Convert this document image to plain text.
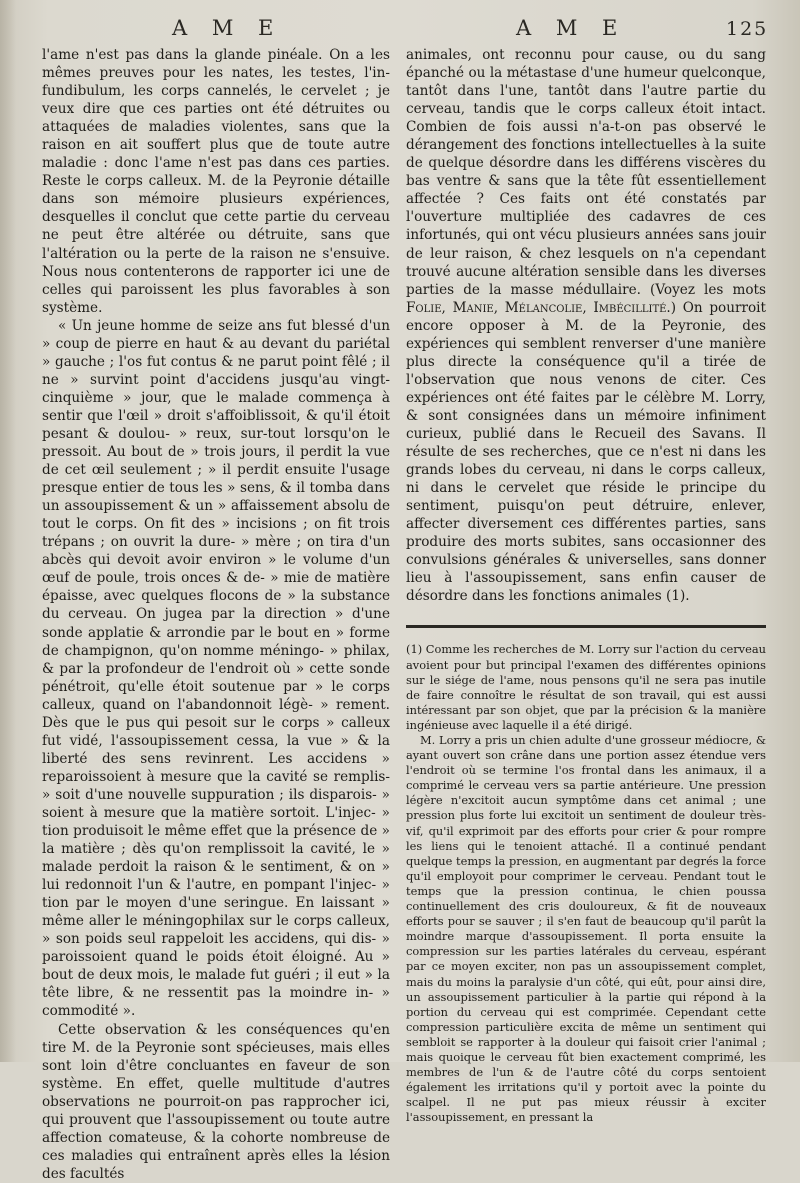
A M E	A M E	125

l'ame n'est pas dans la glande pinéale. On a les mêmes preuves pour les nates, les testes, l'in-fundibulum, les corps cannelés, le cervelet ; je veux dire que ces parties ont été détruites ou attaquées de maladies violentes, sans que la raison en ait souffert plus que de toute autre maladie : donc l'ame n'est pas dans ces parties. Reste le corps calleux. M. de la Peyronie détaille dans son mémoire plusieurs expériences, desquelles il conclut que cette partie du cerveau ne peut être altérée ou détruite, sans que l'altération ou la perte de la raison ne s'ensuive. Nous nous contenterons de rapporter ici une de celles qui paroissent les plus favorables à son système.

« Un jeune homme de seize ans fut blessé d'un » coup de pierre en haut & au devant du pariétal » gauche ; l'os fut contus & ne parut point fêlé ; il ne » survint point d'accidens jusqu'au vingt-cinquième » jour, que le malade commença à sentir que l'œil » droit s'affoiblissoit, & qu'il étoit pesant & doulou- » reux, sur-tout lorsqu'on le pressoit. Au bout de » trois jours, il perdit la vue de cet œil seulement ; » il perdit ensuite l'usage presque entier de tous les » sens, & il tomba dans un assoupissement & un » affaissement absolu de tout le corps. On fit des » incisions ; on fit trois trépans ; on ouvrit la dure- » mère ; on tira d'un abcès qui devoit avoir environ » le volume d'un œuf de poule, trois onces & de- » mie de matière épaisse, avec quelques flocons de » la substance du cerveau. On jugea par la direction » d'une sonde applatie & arrondie par le bout en » forme de champignon, qu'on nomme méningo- » philax, & par la profondeur de l'endroit où » cette sonde pénétroit, qu'elle étoit soutenue par » le corps calleux, quand on l'abandonnoit légè- » rement. Dès que le pus qui pesoit sur le corps » calleux fut vidé, l'assoupissement cessa, la vue » & la liberté des sens revinrent. Les accidens » reparoissoient à mesure que la cavité se remplis- » soit d'une nouvelle suppuration ; ils disparois- » soient à mesure que la matière sortoit. L'injec- » tion produisoit le même effet que la présence de » la matière ; dès qu'on remplissoit la cavité, le » malade perdoit la raison & le sentiment, & on » lui redonnoit l'un & l'autre, en pompant l'injec- » tion par le moyen d'une seringue. En laissant » même aller le méningophilax sur le corps calleux, » son poids seul rappeloit les accidens, qui dis- » paroissoient quand le poids étoit éloigné. Au » bout de deux mois, le malade fut guéri ; il eut » la tête libre, & ne ressentit pas la moindre in- » commodité ».

Cette observation & les conséquences qu'en tire M. de la Peyronie sont spécieuses, mais elles sont loin d'être concluantes en faveur de son système. En effet, quelle multitude d'autres observations ne pourroit-on pas rapprocher ici, qui prouvent que l'assoupissement ou toute autre affection comateuse, & la cohorte nombreuse de ces maladies qui entraînent après elles la lésion des facultés

animales, ont reconnu pour cause, ou du sang épanché ou la métastase d'une humeur quelconque, tantôt dans l'une, tantôt dans l'autre partie du cerveau, tandis que le corps calleux étoit intact. Combien de fois aussi n'a-t-on pas observé le dérangement des fonctions intellectuelles à la suite de quelque désordre dans les différens viscères du bas ventre & sans que la tête fût essentiellement affectée ? Ces faits ont été constatés par l'ouverture multipliée des cadavres de ces infortunés, qui ont vécu plusieurs années sans jouir de leur raison, & chez lesquels on n'a cependant trouvé aucune altération sensible dans les diverses parties de la masse médullaire. (Voyez les mots Folie, Manie, Mélancolie, Imbécillité.) On pourroit encore opposer à M. de la Peyronie, des expériences qui semblent renverser d'une manière plus directe la conséquence qu'il a tirée de l'observation que nous venons de citer. Ces expériences ont été faites par le célèbre M. Lorry, & sont consignées dans un mémoire infiniment curieux, publié dans le Recueil des Savans. Il résulte de ses recherches, que ce n'est ni dans les grands lobes du cerveau, ni dans le corps calleux, ni dans le cervelet que réside le principe du sentiment, puisqu'on peut détruire, enlever, affecter diversement ces différentes parties, sans produire des morts subites, sans occasionner des convulsions générales & universelles, sans donner lieu à l'assoupissement, sans enfin causer de désordre dans les fonctions animales (1).

(1) Comme les recherches de M. Lorry sur l'action du cerveau avoient pour but principal l'examen des différentes opinions sur le siége de l'ame, nous pensons qu'il ne sera pas inutile de faire connoître le résultat de son travail, qui est aussi intéressant par son objet, que par la précision & la manière ingénieuse avec laquelle il a été dirigé.

M. Lorry a pris un chien adulte d'une grosseur médiocre, & ayant ouvert son crâne dans une portion assez étendue vers l'endroit où se termine l'os frontal dans les animaux, il a comprimé le cerveau vers sa partie antérieure. Une pression légère n'excitoit aucun symptôme dans cet animal ; une pression plus forte lui excitoit un sentiment de douleur très-vif, qu'il exprimoit par des efforts pour crier & pour rompre les liens qui le tenoient attaché. Il a continué pendant quelque temps la pression, en augmentant par degrés la force qu'il employoit pour comprimer le cerveau. Pendant tout le temps que la pression continua, le chien poussa continuellement des cris douloureux, & fit de nouveaux efforts pour se sauver ; il s'en faut de beaucoup qu'il parût la moindre marque d'assoupissement. Il porta ensuite la compression sur les parties latérales du cerveau, espérant par ce moyen exciter, non pas un assoupissement complet, mais du moins la paralysie d'un côté, qui eût, pour ainsi dire, un assoupissement particulier à la partie qui répond à la portion du cerveau qui est comprimée. Cependant cette compression particulière excita de même un sentiment qui sembloit se rapporter à la douleur qui faisoit crier l'animal ; mais quoique le cerveau fût bien exactement comprimé, les membres de l'un & de l'autre côté du corps sentoient également les irritations qu'il y portoit avec la pointe du scalpel. Il ne put pas mieux réussir à exciter l'assoupissement, en pressant la
